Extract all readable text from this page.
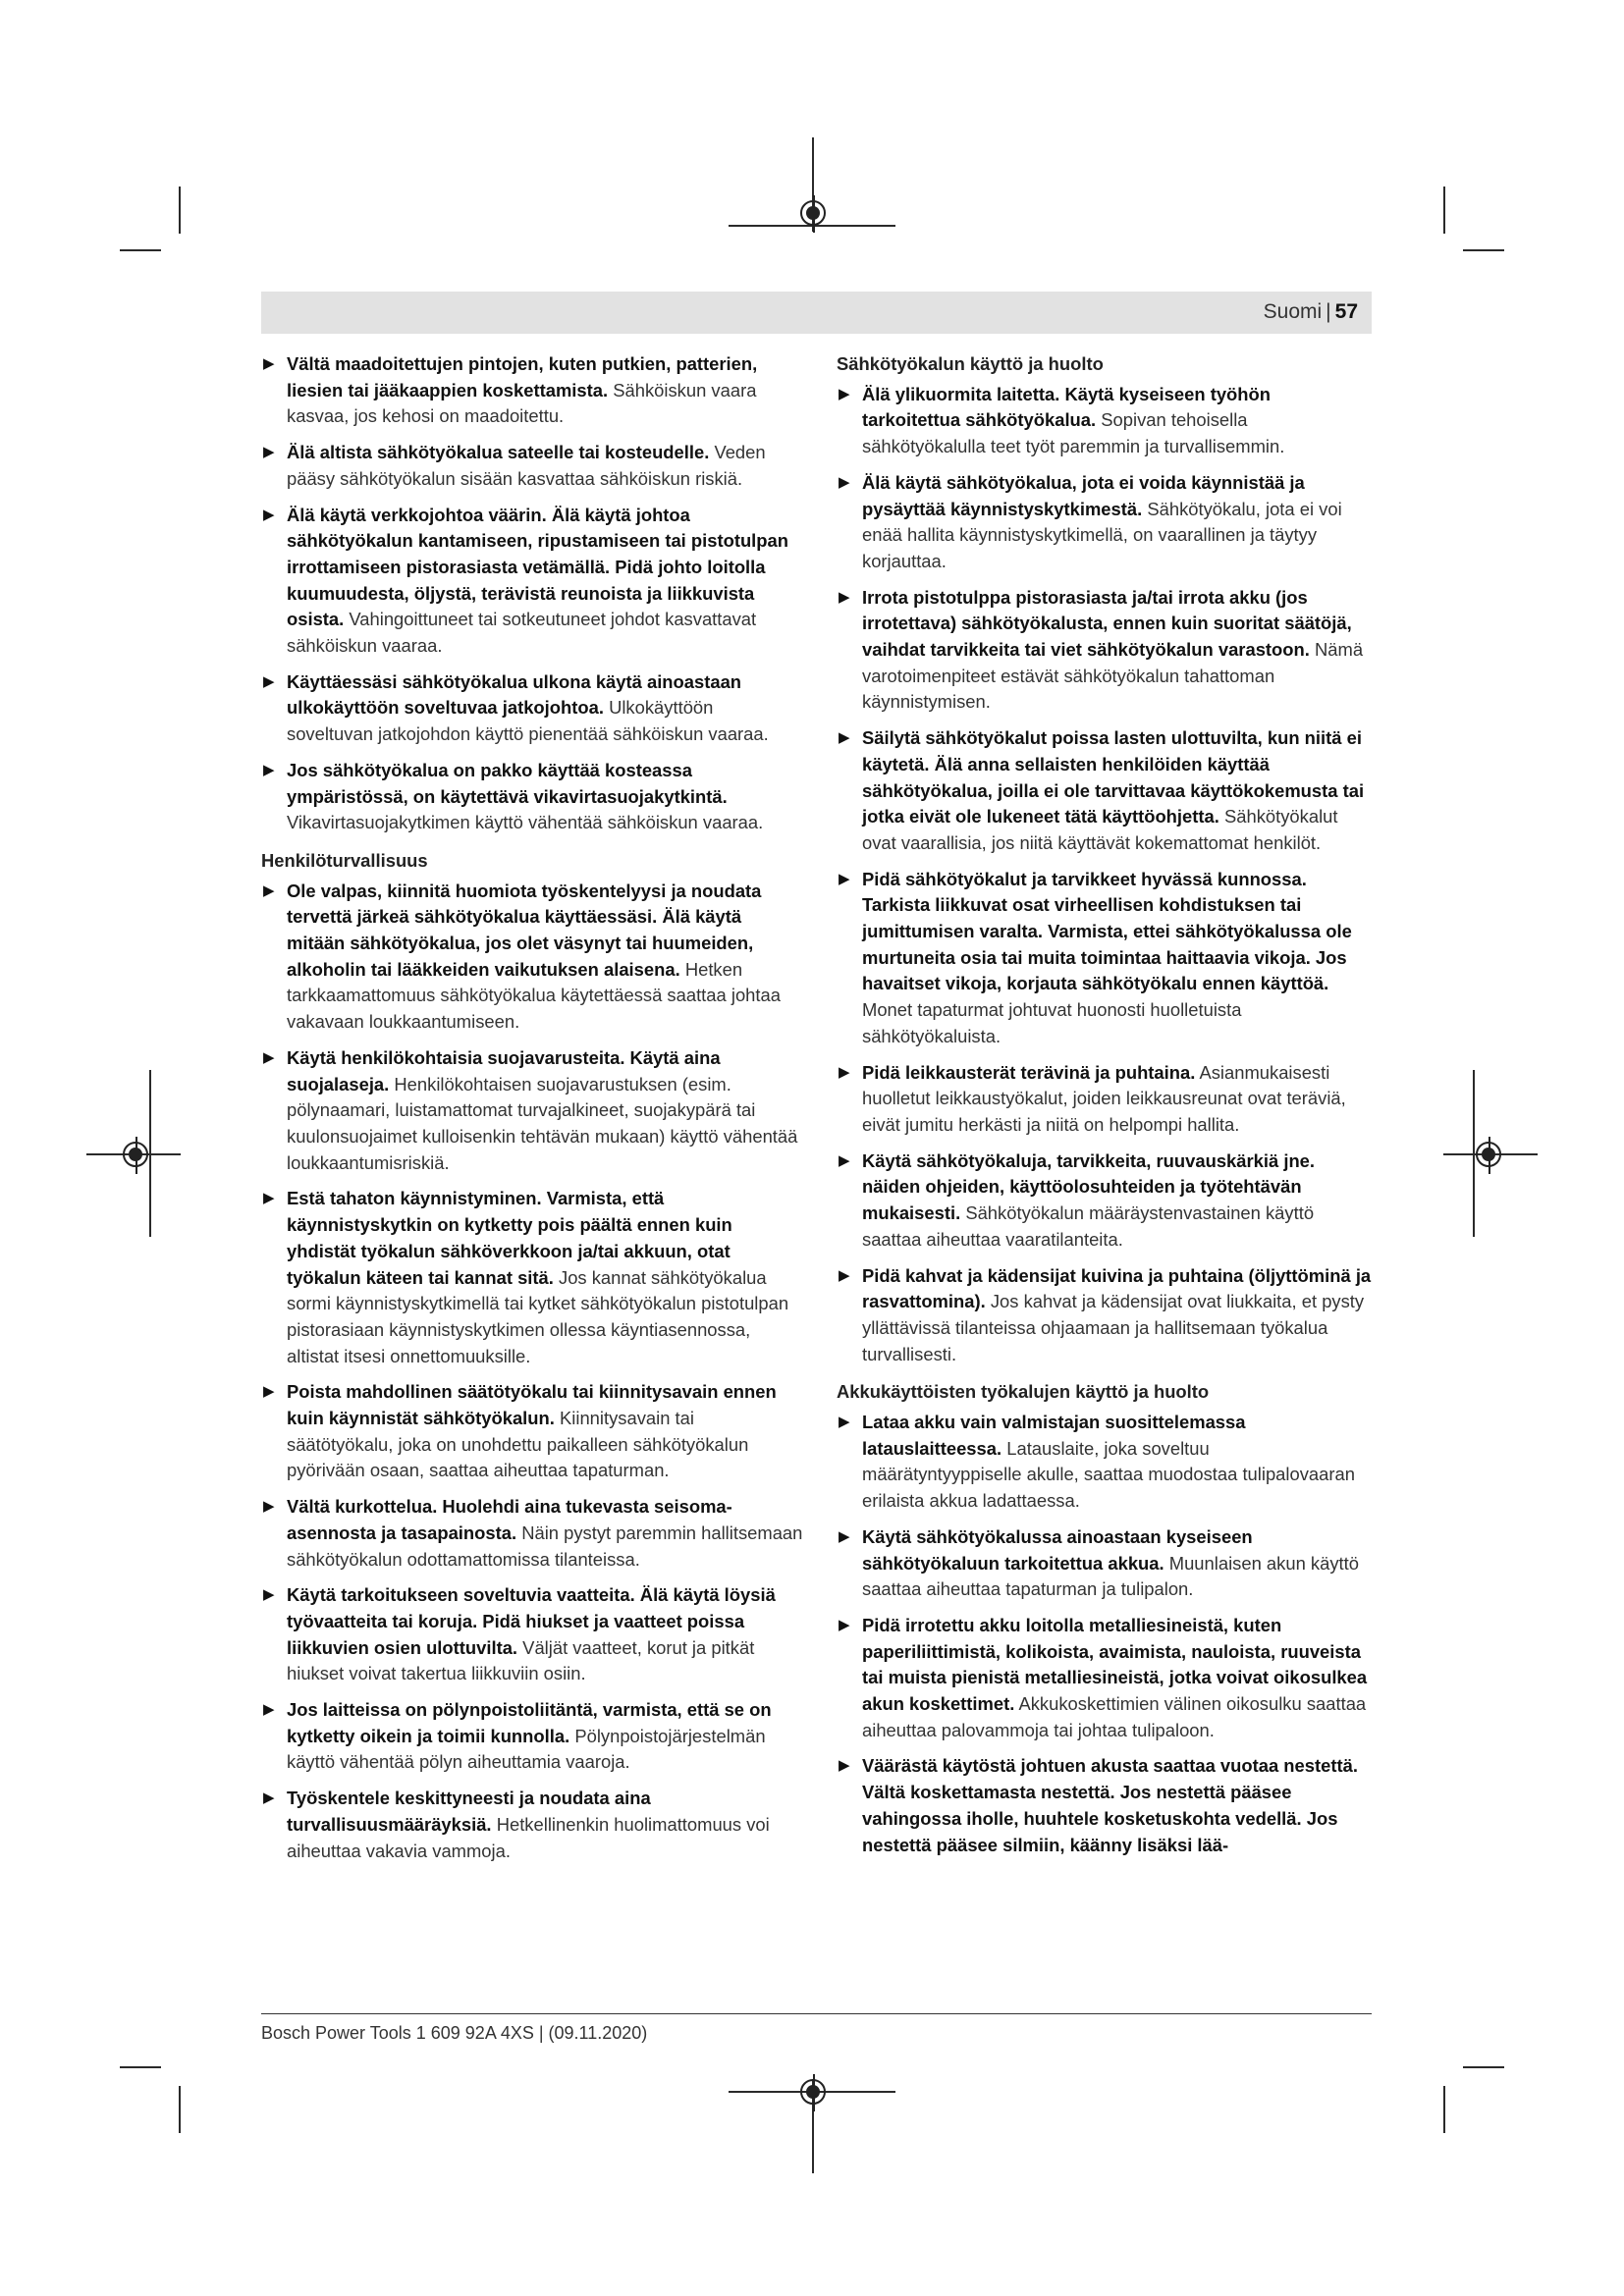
Suomi | 57
▶ Vältä maadoitettujen pintojen, kuten putkien, patterien, liesien tai jääkaappien koskettamista. Sähköiskun vaara kasvaa, jos kehosi on maadoitettu.
▶ Älä altista sähkötyökalua sateelle tai kosteudelle. Veden pääsy sähkötyökalun sisään kasvattaa sähköiskun riskiä.
▶ Älä käytä verkkojohtoa väärin. Älä käytä johtoa sähkötyökalun kantamiseen, ripustamiseen tai pistotulpan irrottamiseen pistorasiasta vetämällä. Pidä johto loitolla kuumuudesta, öljystä, terävistä reunoista ja liikkuvista osista. Vahingoittuneet tai sotkeutuneet johdot kasvattavat sähköiskun vaaraa.
▶ Käyttäessäsi sähkötyökalua ulkona käytä ainoastaan ulkokäyttöön soveltuvaa jatkojohtoa. Ulkokäyttöön soveltuvan jatkojohdon käyttö pienentää sähköiskun vaaraa.
▶ Jos sähkötyökalua on pakko käyttää kosteassa ympäristössä, on käytettävä vikavirtasuojakytkintä. Vikavirtasuojakytkimen käyttö vähentää sähköiskun vaaraa.
Henkilöturvallisuus
▶ Ole valpas, kiinnitä huomiota työskentelyysi ja noudata tervettä järkeä sähkötyökalua käyttäessäsi. Älä käytä mitään sähkötyökalua, jos olet väsynyt tai huumeiden, alkoholin tai lääkkeiden vaikutuksen alaisena. Hetken tarkkaamattomuus sähkötyökalua käytettäessä saattaa johtaa vakavaan loukkaantumiseen.
▶ Käytä henkilökohtaisia suojavarusteita. Käytä aina suojalaseja. Henkilökohtaisen suojavarustuksen (esim. pölynaamari, luistamattomat turvajalkineet, suojakypärä tai kuulonsuojaimet kulloisenkin tehtävän mukaan) käyttö vähentää loukkaantumisriskiä.
▶ Estä tahaton käynnistyminen. Varmista, että käynnistyskytkin on kytketty pois päältä ennen kuin yhdistät työkalun sähköverkkoon ja/tai akkuun, otat työkalun käteen tai kannat sitä. Jos kannat sähkötyökalua sormi käynnistyskytkimellä tai kytket sähkötyökalun pistotulpan pistorasiaan käynnistyskytkimen ollessa käyntiasennossa, altistat itsesi onnettomuuksille.
▶ Poista mahdollinen säätötyökalu tai kiinnitysavain ennen kuin käynnistät sähkötyökalun. Kiinnitysavain tai säätötyökalu, joka on unohdettu paikalleen sähkötyökalun pyörivään osaan, saattaa aiheuttaa tapaturman.
▶ Vältä kurkottelua. Huolehdi aina tukevasta seisoma-asennosta ja tasapainosta. Näin pystyt paremmin hallitsemaan sähkötyökalun odottamattomissa tilanteissa.
▶ Käytä tarkoitukseen soveltuvia vaatteita. Älä käytä löysiä työvaatteita tai koruja. Pidä hiukset ja vaatteet poissa liikkuvien osien ulottuvilta. Väljät vaatteet, korut ja pitkät hiukset voivat takertua liikkuviin osiin.
▶ Jos laitteissa on pölynpoistoliitäntä, varmista, että se on kytketty oikein ja toimii kunnolla. Pölynpoistojärjestelmän käyttö vähentää pölyn aiheuttamia vaaroja.
▶ Työskentele keskittyneesti ja noudata aina turvallisuusmääräyksiä. Hetkellinenkin huolimattomuus voi aiheuttaa vakavia vammoja.
Sähkötyökalun käyttö ja huolto
▶ Älä ylikuormita laitetta. Käytä kyseiseen työhön tarkoitettua sähkötyökalua. Sopivan tehoisella sähkötyökalulla teet työt paremmin ja turvallisemmin.
▶ Älä käytä sähkötyökalua, jota ei voida käynnistää ja pysäyttää käynnistyskytkimestä. Sähkötyökalu, jota ei voi enää hallita käynnistyskytkimellä, on vaarallinen ja täytyy korjauttaa.
▶ Irrota pistotulppa pistorasiasta ja/tai irrota akku (jos irrotettava) sähkötyökalusta, ennen kuin suoritat säätöjä, vaihdat tarvikkeita tai viet sähkötyökalun varastoon. Nämä varotoimenpiteet estävät sähkötyökalun tahattoman käynnistymisen.
▶ Säilytä sähkötyökalut poissa lasten ulottuvilta, kun niitä ei käytetä. Älä anna sellaisten henkilöiden käyttää sähkötyökalua, joilla ei ole tarvittavaa käyttökokemusta tai jotka eivät ole lukeneet tätä käyttöohjetta. Sähkötyökalut ovat vaarallisia, jos niitä käyttävät kokemattomat henkilöt.
▶ Pidä sähkötyökalut ja tarvikkeet hyvässä kunnossa. Tarkista liikkuvat osat virheellisen kohdistuksen tai jumittumisen varalta. Varmista, ettei sähkötyökalussa ole murtuneita osia tai muita toimintaa haittaavia vikoja. Jos havaitset vikoja, korjauta sähkötyökalu ennen käyttöä. Monet tapaturmat johtuvat huonosti huolletuista sähkötyökaluista.
▶ Pidä leikkausterät terävinä ja puhtaina. Asianmukaisesti huolletut leikkaustyökalut, joiden leikkausreunat ovat teräviä, eivät jumitu herkästi ja niitä on helpompi hallita.
▶ Käytä sähkötyökaluja, tarvikkeita, ruuvauskärkiä jne. näiden ohjeiden, käyttöolosuhteiden ja työtehtävän mukaisesti. Sähkötyökalun määräystenvastainen käyttö saattaa aiheuttaa vaaratilanteita.
▶ Pidä kahvat ja kädensijat kuivina ja puhtaina (öljyttöminä ja rasvattomina). Jos kahvat ja kädensijat ovat liukkaita, et pysty yllättävissä tilanteissa ohjaamaan ja hallitsemaan työkalua turvallisesti.
Akkukäyttöisten työkalujen käyttö ja huolto
▶ Lataa akku vain valmistajan suosittelemassa latauslaitteessa. Latauslaite, joka soveltuu määrätyntyyppiselle akulle, saattaa muodostaa tulipalovaaran erilaista akkua ladattaessa.
▶ Käytä sähkötyökalussa ainoastaan kyseiseen sähkötyökaluun tarkoitettua akkua. Muunlaisen akun käyttö saattaa aiheuttaa tapaturman ja tulipalon.
▶ Pidä irrotettu akku loitolla metalliesineistä, kuten paperiliittimistä, kolikoista, avaimista, nauloista, ruuveista tai muista pienistä metalliesineistä, jotka voivat oikosulkea akun koskettimet. Akkukoskettimien välinen oikosulku saattaa aiheuttaa palovammoja tai johtaa tulipaloon.
▶ Väärästä käytöstä johtuen akusta saattaa vuotaa nestettä. Vältä koskettamasta nestettä. Jos nestettä pääsee vahingossa iholle, huuhtele kosketuskohta vedellä. Jos nestettä pääsee silmiin, käänny lisäksi lää-
Bosch Power Tools 1 609 92A 4XS | (09.11.2020)
